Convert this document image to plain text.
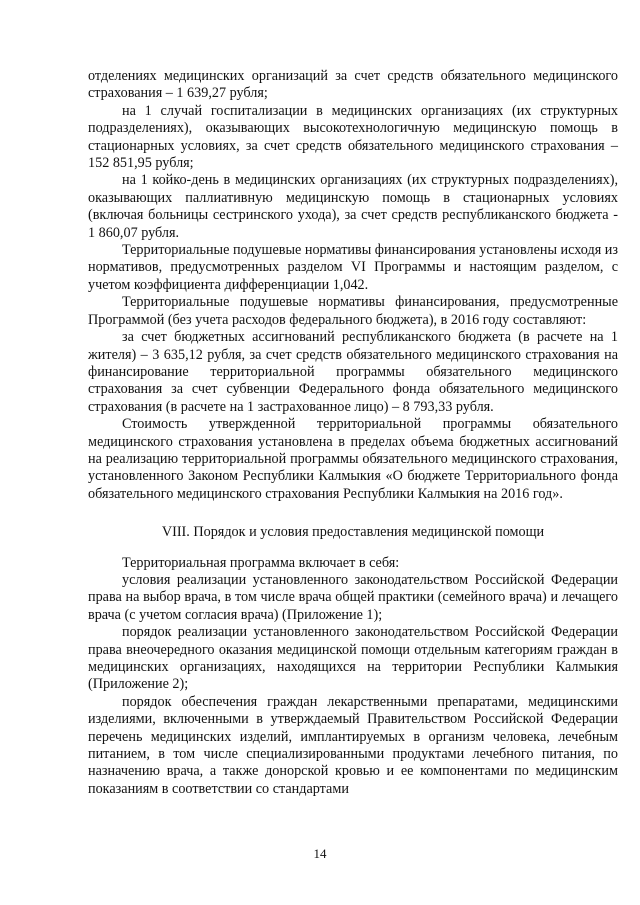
отделениях медицинских организаций за счет средств обязательного медицинского страхования – 1 639,27 рубля;

на 1 случай госпитализации в медицинских организациях (их структурных подразделениях), оказывающих высокотехнологичную медицинскую помощь в стационарных условиях, за счет средств обязательного медицинского страхования – 152 851,95 рубля;

на 1 койко-день в медицинских организациях (их структурных подразделениях), оказывающих паллиативную медицинскую помощь в стационарных условиях (включая больницы сестринского ухода), за счет средств республиканского бюджета - 1 860,07 рубля.

Территориальные подушевые нормативы финансирования установлены исходя из нормативов, предусмотренных разделом VI Программы и настоящим разделом, с учетом коэффициента дифференциации 1,042.

Территориальные подушевые нормативы финансирования, предусмотренные Программой (без учета расходов федерального бюджета), в 2016 году составляют:

за счет бюджетных ассигнований республиканского бюджета (в расчете на 1 жителя) – 3 635,12 рубля, за счет средств обязательного медицинского страхования на финансирование территориальной программы обязательного медицинского страхования за счет субвенции Федерального фонда обязательного медицинского страхования (в расчете на 1 застрахованное лицо) – 8 793,33 рубля.

Стоимость утвержденной территориальной программы обязательного медицинского страхования установлена в пределах объема бюджетных ассигнований на реализацию территориальной программы обязательного медицинского страхования, установленного Законом Республики Калмыкия «О бюджете Территориального фонда обязательного медицинского страхования Республики Калмыкия на 2016 год».

VIII. Порядок и условия предоставления медицинской помощи

Территориальная программа включает в себя:

условия реализации установленного законодательством Российской Федерации права на выбор врача, в том числе врача общей практики (семейного врача) и лечащего врача (с учетом согласия врача) (Приложение 1);

порядок реализации установленного законодательством Российской Федерации права внеочередного оказания медицинской помощи отдельным категориям граждан в медицинских организациях, находящихся на территории Республики Калмыкия (Приложение 2);

порядок обеспечения граждан лекарственными препаратами, медицинскими изделиями, включенными в утверждаемый Правительством Российской Федерации перечень медицинских изделий, имплантируемых в организм человека, лечебным питанием, в том числе специализированными продуктами лечебного питания, по назначению врача, а также донорской кровью и ее компонентами по медицинским показаниям в соответствии со стандартами

14
